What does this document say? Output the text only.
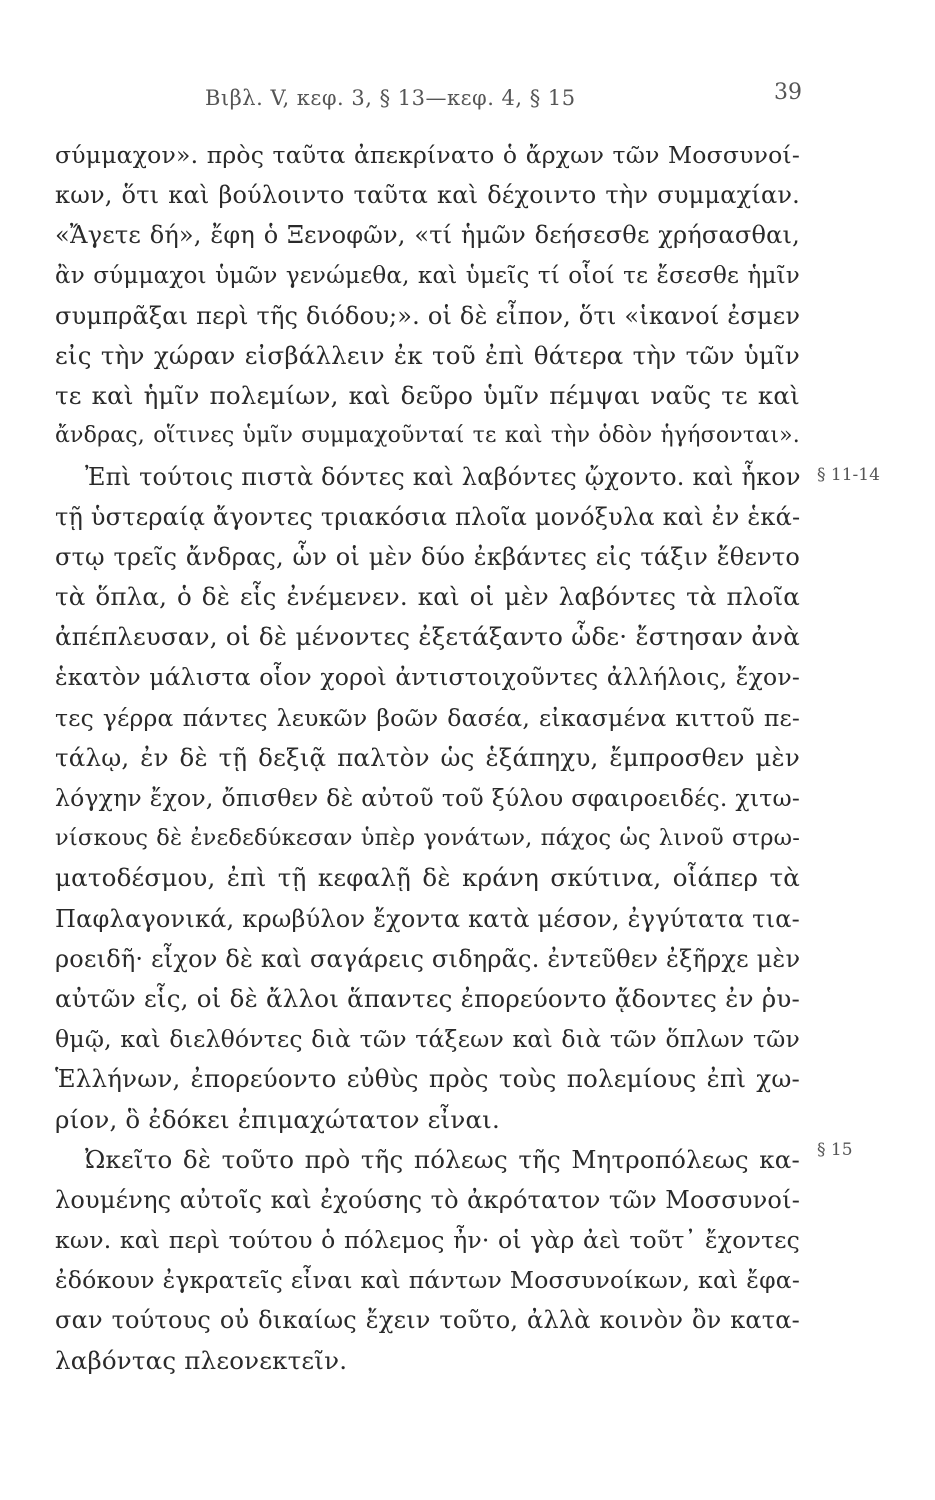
Βιβλ. V, κεφ. 3, § 13—κεφ. 4, § 15	39
σύμμαχον». πρὸς ταῦτα ἀπεκρίνατο ὁ ἄρχων τῶν Μοσσυνοί-
κων, ὅτι καὶ βούλοιντο ταῦτα καὶ δέχοιντο τὴν συμμαχίαν.
«Ἄγετε δή», ἔφη ὁ Ξενοφῶν, «τί ἡμῶν δεήσεσθε χρήσασθαι,
ἂν σύμμαχοι ὑμῶν γενώμεθα, καὶ ὑμεῖς τί οἷοί τε ἔσεσθε ἡμῖν
συμπρᾶξαι περὶ τῆς διόδου;». οἱ δὲ εἶπον, ὅτι «ἱκανοί ἐσμεν
εἰς τὴν χώραν εἰσβάλλειν ἐκ τοῦ ἐπὶ θάτερα τὴν τῶν ὑμῖν
τε καὶ ἡμῖν πολεμίων, καὶ δεῦρο ὑμῖν πέμψαι ναῦς τε καὶ
ἄνδρας, οἵτινες ὑμῖν συμμαχοῦνταί τε καὶ τὴν ὁδὸν ἡγήσονται».
Ἐπὶ τούτοις πιστὰ δόντες καὶ λαβόντες ᾤχοντο. καὶ ἧκον
τῇ ὑστεραίᾳ ἄγοντες τριακόσια πλοῖα μονόξυλα καὶ ἐν ἑκά-
στῳ τρεῖς ἄνδρας, ὧν οἱ μὲν δύο ἐκβάντες εἰς τάξιν ἔθεντο
τὰ ὅπλα, ὁ δὲ εἷς ἐνέμενεν. καὶ οἱ μὲν λαβόντες τὰ πλοῖα
ἀπέπλευσαν, οἱ δὲ μένοντες ἐξετάξαντο ὧδε· ἔστησαν ἀνὰ
ἑκατὸν μάλιστα οἷον χοροὶ ἀντιστοιχοῦντες ἀλλήλοις, ἔχον-
τες γέρρα πάντες λευκῶν βοῶν δασέα, εἰκασμένα κιττοῦ πε-
τάλῳ, ἐν δὲ τῇ δεξιᾷ παλτὸν ὡς ἑξάπηχυ, ἔμπροσθεν μὲν
λόγχην ἔχον, ὄπισθεν δὲ αὐτοῦ τοῦ ξύλου σφαιροειδές. χιτω-
νίσκους δὲ ἐνεδεδύκεσαν ὑπὲρ γονάτων, πάχος ὡς λινοῦ στρω-
ματοδέσμου, ἐπὶ τῇ κεφαλῇ δὲ κράνη σκύτινα, οἷάπερ τὰ
Παφλαγονικά, κρωβύλον ἔχοντα κατὰ μέσον, ἐγγύτατα τια-
ροειδῆ· εἶχον δὲ καὶ σαγάρεις σιδηρᾶς. ἐντεῦθεν ἐξῆρχε μὲν
αὐτῶν εἷς, οἱ δὲ ἄλλοι ἅπαντες ἐπορεύοντο ᾄδοντες ἐν ῥυ-
θμῷ, καὶ διελθόντες διὰ τῶν τάξεων καὶ διὰ τῶν ὅπλων τῶν
Ἑλλήνων, ἐπορεύοντο εὐθὺς πρὸς τοὺς πολεμίους ἐπὶ χω-
ρίον, ὃ ἐδόκει ἐπιμαχώτατον εἶναι.
Ὠκεῖτο δὲ τοῦτο πρὸ τῆς πόλεως τῆς Μητροπόλεως κα-
λουμένης αὐτοῖς καὶ ἐχούσης τὸ ἀκρότατον τῶν Μοσσυνοί-
κων. καὶ περὶ τούτου ὁ πόλεμος ἦν· οἱ γὰρ ἀεὶ τοῦτ᾽ ἔχοντες
ἐδόκουν ἐγκρατεῖς εἶναι καὶ πάντων Μοσσυνοίκων, καὶ ἔφα-
σαν τούτους οὐ δικαίως ἔχειν τοῦτο, ἀλλὰ κοινὸν ὂν κατα-
λαβόντας πλεονεκτεῖν.
§ 11-14
§ 15
